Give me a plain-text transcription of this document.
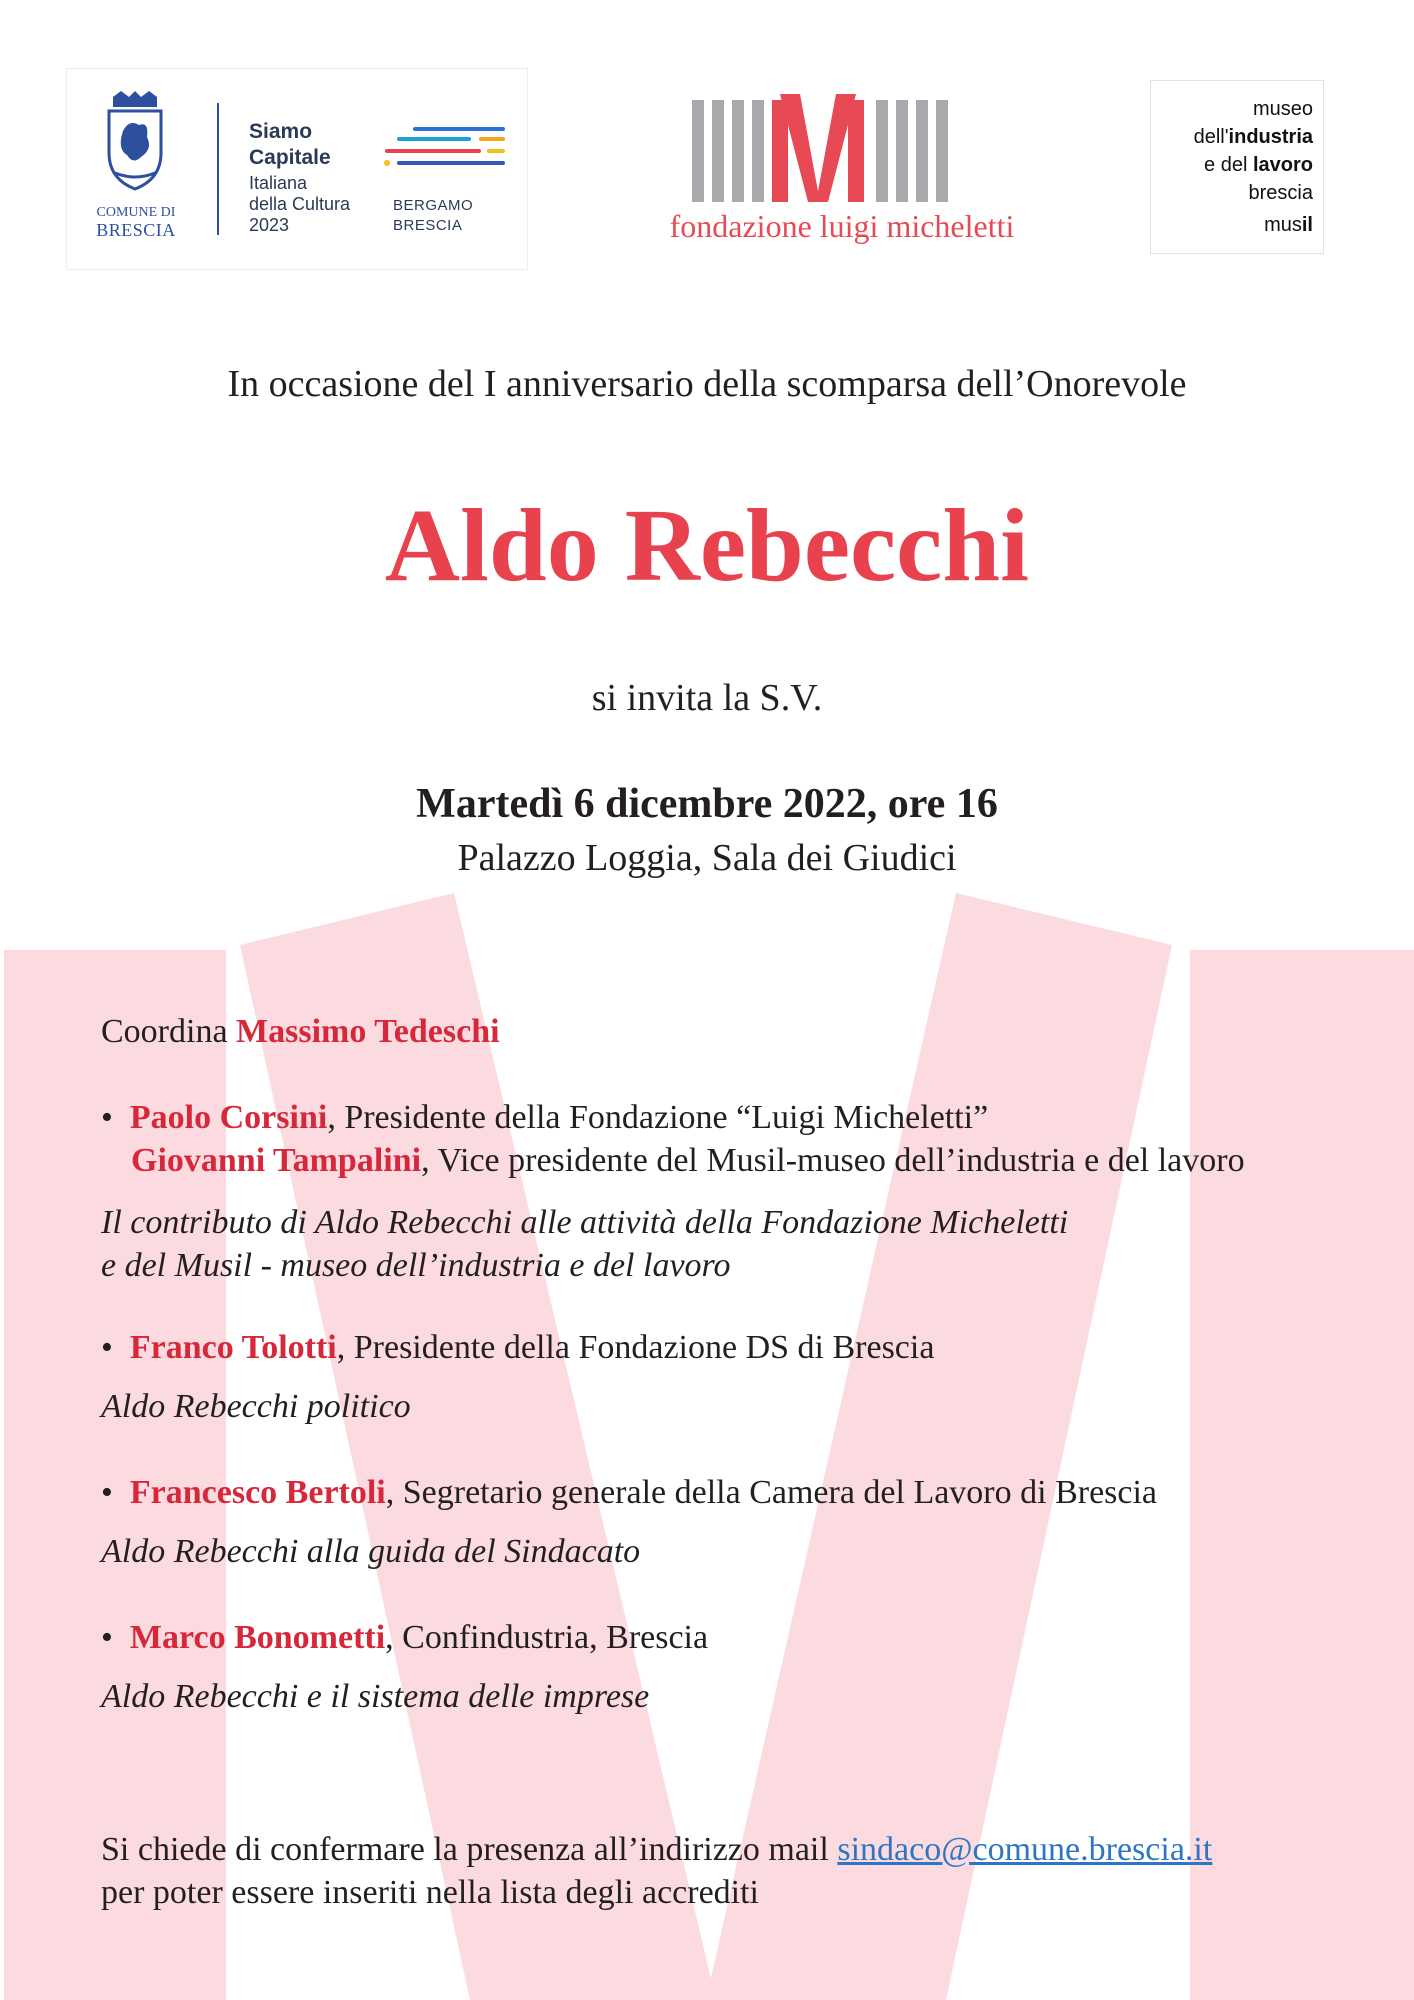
COMUNE DI
BRESCIA
Siamo
Capitale
Italiana
della Cultura
2023
BERGAMO
BRESCIA	fondazione luigi micheletti
museo
dell'industria
e del lavoro
brescia
musil
In occasione del I anniversario della scomparsa dell’Onorevole
Aldo Rebecchi
si invita la S.V.
Martedì 6 dicembre 2022, ore 16
Palazzo Loggia, Sala dei Giudici
Coordina Massimo Tedeschi
• Paolo Corsini, Presidente della Fondazione “Luigi Micheletti”
Giovanni Tampalini, Vice presidente del Musil-museo dell’industria e del lavoro
Il contributo di Aldo Rebecchi alle attività della Fondazione Micheletti
e del Musil - museo dell’industria e del lavoro
• Franco Tolotti, Presidente della Fondazione DS di Brescia
Aldo Rebecchi politico
• Francesco Bertoli, Segretario generale della Camera del Lavoro di Brescia
Aldo Rebecchi alla guida del Sindacato
• Marco Bonometti, Confindustria, Brescia
Aldo Rebecchi e il sistema delle imprese
Si chiede di confermare la presenza all’indirizzo mail sindaco@comune.brescia.it
per poter essere inseriti nella lista degli accrediti
